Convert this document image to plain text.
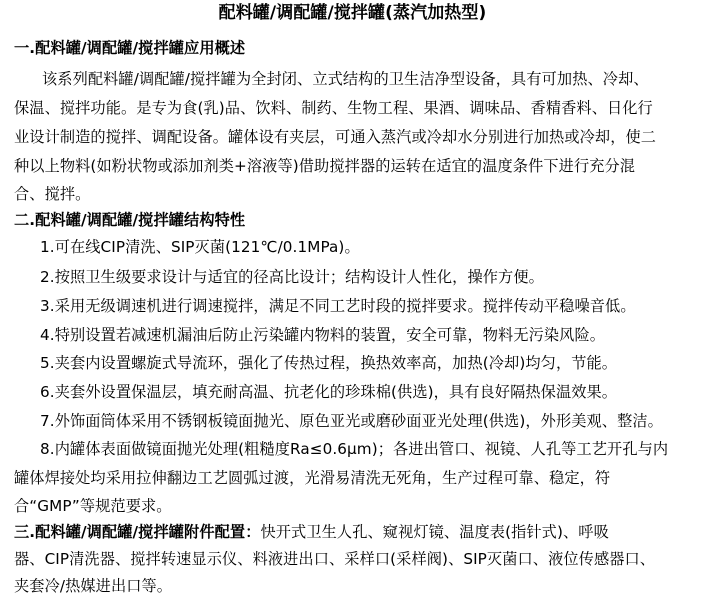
配料罐/调配罐/搅拌罐(蒸汽加热型)
一.配料罐/调配罐/搅拌罐应用概述
该系列配料罐/调配罐/搅拌罐为全封闭、立式结构的卫生洁净型设备，具有可加热、冷却、
保温、搅拌功能。是专为食(乳)品、饮料、制药、生物工程、果酒、调味品、香精香料、日化行
业设计制造的搅拌、调配设备。罐体设有夹层，可通入蒸汽或冷却水分别进行加热或冷却，使二
种以上物料(如粉状物或添加剂类+溶液等)借助搅拌器的运转在适宜的温度条件下进行充分混
合、搅拌。
二.配料罐/调配罐/搅拌罐结构特性
1.可在线CIP清洗、SIP灭菌(121℃/0.1MPa)。
2.按照卫生级要求设计与适宜的径高比设计；结构设计人性化，操作方便。
3.采用无级调速机进行调速搅拌，满足不同工艺时段的搅拌要求。搅拌传动平稳噪音低。
4.特别设置若减速机漏油后防止污染罐内物料的装置，安全可靠，物料无污染风险。
5.夹套内设置螺旋式导流环，强化了传热过程，换热效率高，加热(冷却)均匀，节能。
6.夹套外设置保温层，填充耐高温、抗老化的珍珠棉(供选)，具有良好隔热保温效果。
7.外饰面筒体采用不锈钢板镜面抛光、原色亚光或磨砂面亚光处理(供选)，外形美观、整洁。
8.内罐体表面做镜面抛光处理(粗糙度Ra≤0.6μm)；各进出管口、视镜、人孔等工艺开孔与内
罐体焊接处均采用拉伸翻边工艺圆弧过渡，光滑易清洗无死角，生产过程可靠、稳定，符
合“GMP”等规范要求。
三.配料罐/调配罐/搅拌罐附件配置：快开式卫生人孔、窥视灯镜、温度表(指针式)、呼吸
器、CIP清洗器、搅拌转速显示仪、料液进出口、采样口(采样阀)、SIP灭菌口、液位传感器口、
夹套冷/热媒进出口等。
